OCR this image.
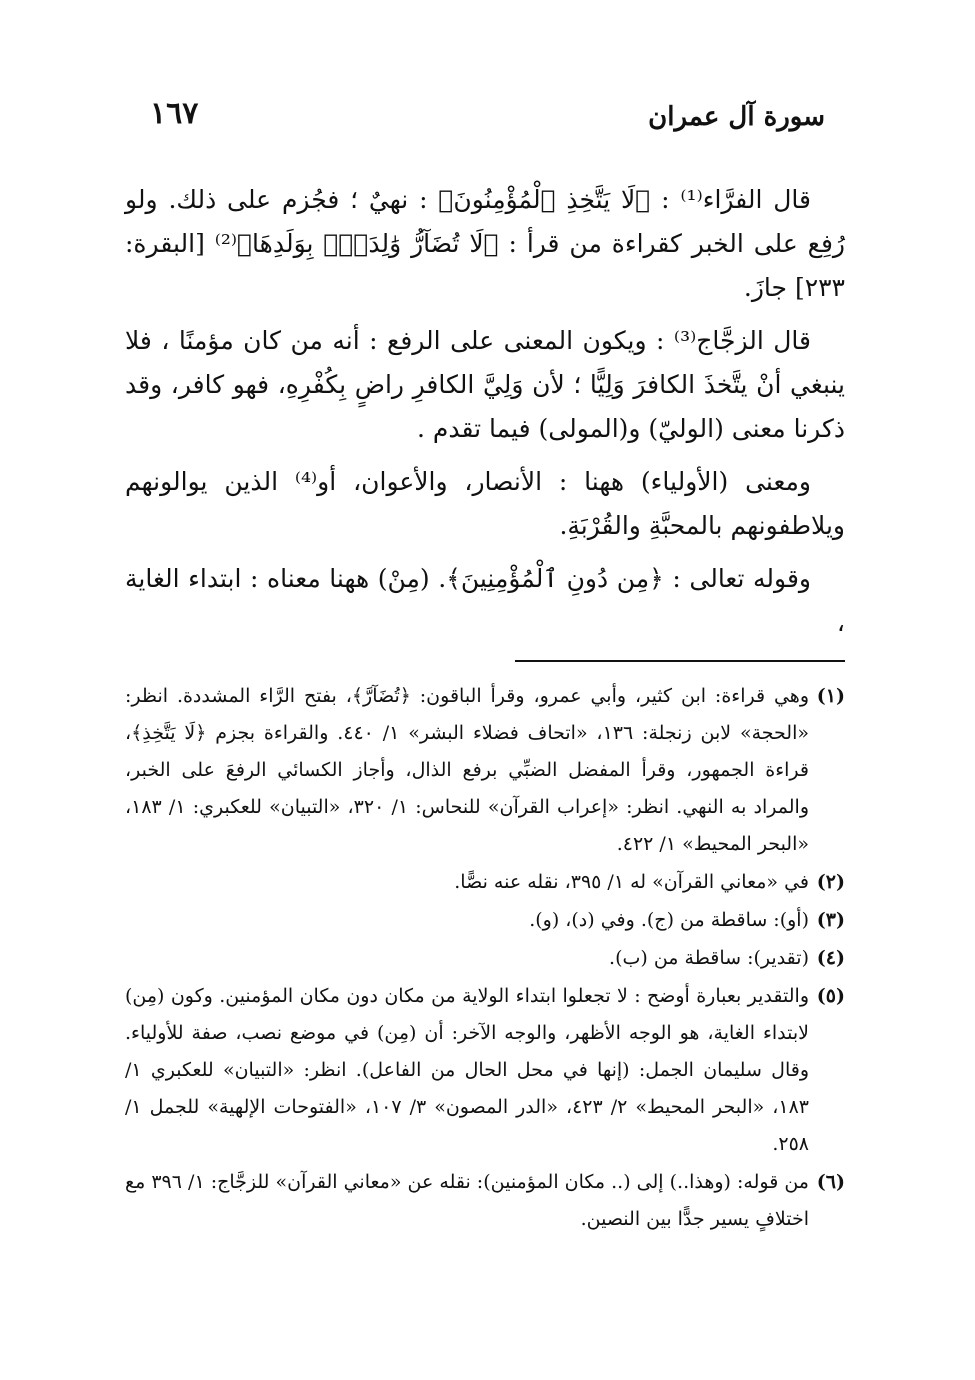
سورة آل عمران
١٦٧

قال الفرَّاء⁽¹⁾ : ﴿لَا يَتَّخِذِ ٱلْمُؤْمِنُونَ﴾ : نهيٌ ؛ فجُزم على ذلك. ولو رُفِع على الخبر كقراءة من قرأ : ﴿لَا تُضَآرُّ وَٰلِدَةٌۢ بِوَلَدِهَا﴾⁽²⁾ [البقرة: ٢٣٣] جازَ.

قال الزجَّاج⁽³⁾ : ويكون المعنى على الرفع : أنه من كان مؤمنًا ، فلا ينبغي أنْ يتَّخذَ الكافرَ وَلِيًّا ؛ لأن وَلِيَّ الكافرِ راضٍ بِكُفْرِهِ، فهو كافر، وقد ذكرنا معنى (الوليّ) و(المولى) فيما تقدم .

ومعنى (الأولياء) ههنا : الأنصار، والأعوان، أو⁽⁴⁾ الذين يوالونهم ويلاطفونهم بالمحبَّةِ والقُرْبَةِ.

وقوله تعالى : ﴿مِن دُونِ ٱلْمُؤْمِنِينَ﴾. (مِنْ) ههنا معناه : ابتداء الغاية ،

(١)
وهي قراءة: ابن كثير، وأبي عمرو، وقرأ الباقون: ﴿تُضَآرَّ﴾، بفتح الرَّاء المشددة. انظر: «الحجة» لابن زنجلة: ١٣٦، «اتحاف فضلاء البشر» ١/ ٤٤٠. والقراءة بجزم ﴿لَا يَتَّخِذِ﴾، قراءة الجمهور، وقرأ المفضل الضبِّي برفع الذال، وأجاز الكسائي الرفعَ على الخبر، والمراد به النهي. انظر: «إعراب القرآن» للنحاس: ١/ ٣٢٠، «التبيان» للعكبري: ١/ ١٨٣، «البحر المحيط» ١/ ٤٢٢.
(٢)
في «معاني القرآن» له ١/ ٣٩٥، نقله عنه نصًّا.
(٣)
(أو): ساقطة من (ج). وفي (د)، (و).
(٤)
(تقدير): ساقطة من (ب).
(٥)
والتقدير بعبارة أوضح : لا تجعلوا ابتداء الولاية من مكان دون مكان المؤمنين. وكون (مِن) لابتداء الغاية، هو الوجه الأظهر، والوجه الآخر: أن (مِن) في موضع نصب، صفة للأولياء. وقال سليمان الجمل: (إنها في محل الحال من الفاعل). انظر: «التبيان» للعكبري ١/ ١٨٣، «البحر المحيط» ٢/ ٤٢٣، «الدر المصون» ٣/ ١٠٧، «الفتوحات الإلهية» للجمل ١/ ٢٥٨.
(٦)
من قوله: (وهذا..) إلى (.. مكان المؤمنين): نقله عن «معاني القرآن» للزجَّاج: ١/ ٣٩٦ مع اختلافٍ يسير جدًّا بين النصين.
